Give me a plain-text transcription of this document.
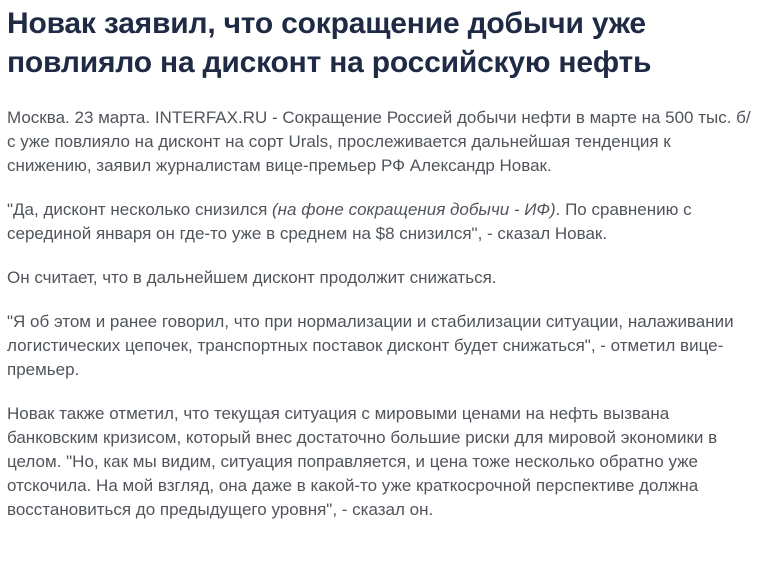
Новак заявил, что сокращение добычи уже повлияло на дисконт на российскую нефть

Москва. 23 марта. INTERFAX.RU - Сокращение Россией добычи нефти в марте на 500 тыс. б/с уже повлияло на дисконт на сорт Urals, прослеживается дальнейшая тенденция к снижению, заявил журналистам вице-премьер РФ Александр Новак.

"Да, дисконт несколько снизился (на фоне сокращения добычи - ИФ). По сравнению с серединой января он где-то уже в среднем на $8 снизился", - сказал Новак.

Он считает, что в дальнейшем дисконт продолжит снижаться.

"Я об этом и ранее говорил, что при нормализации и стабилизации ситуации, налаживании логистических цепочек, транспортных поставок дисконт будет снижаться", - отметил вице-премьер.

Новак также отметил, что текущая ситуация с мировыми ценами на нефть вызвана банковским кризисом, который внес достаточно большие риски для мировой экономики в целом. "Но, как мы видим, ситуация поправляется, и цена тоже несколько обратно уже отскочила. На мой взгляд, она даже в какой-то уже краткосрочной перспективе должна восстановиться до предыдущего уровня", - сказал он.
